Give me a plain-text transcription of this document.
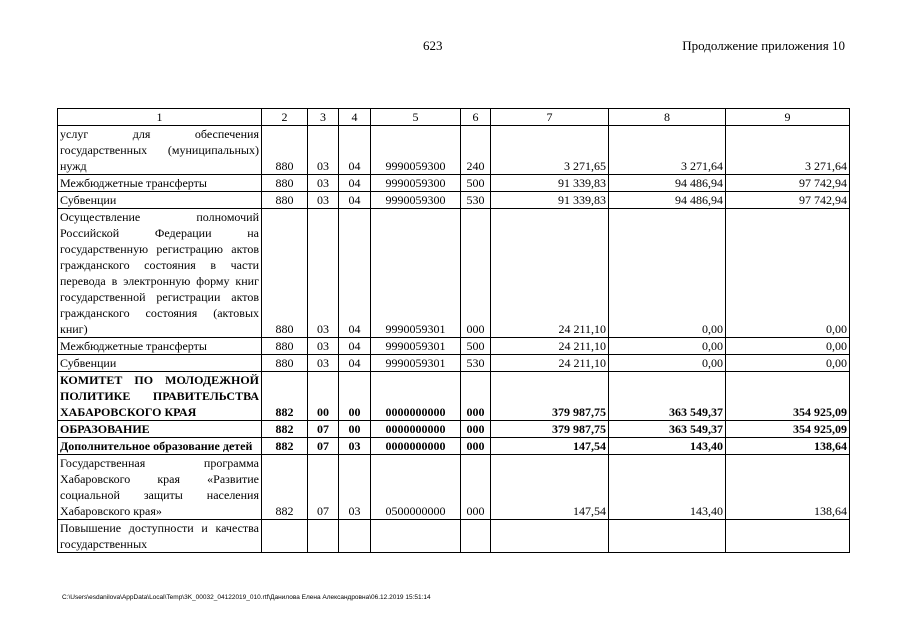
623	Продолжение приложения 10
1	2	3	4	5	6	7	8	9
услуг для обеспечения государственных (муниципальных) нужд	880	03	04	9990059300	240	3 271,65	3 271,64	3 271,64
Межбюджетные трансферты	880	03	04	9990059300	500	91 339,83	94 486,94	97 742,94
Субвенции	880	03	04	9990059300	530	91 339,83	94 486,94	97 742,94
Осуществление полномочий Российской Федерации на государственную регистрацию актов гражданского состояния в части перевода в электронную форму книг государственной регистрации актов гражданского состояния (актовых книг)	880	03	04	9990059301	000	24 211,10	0,00	0,00
Межбюджетные трансферты	880	03	04	9990059301	500	24 211,10	0,00	0,00
Субвенции	880	03	04	9990059301	530	24 211,10	0,00	0,00
КОМИТЕТ ПО МОЛОДЕЖНОЙ ПОЛИТИКЕ ПРАВИТЕЛЬСТВА ХАБАРОВСКОГО КРАЯ	882	00	00	0000000000	000	379 987,75	363 549,37	354 925,09
ОБРАЗОВАНИЕ	882	07	00	0000000000	000	379 987,75	363 549,37	354 925,09
Дополнительное образование детей	882	07	03	0000000000	000	147,54	143,40	138,64
Государственная программа Хабаровского края «Развитие социальной защиты населения Хабаровского края»	882	07	03	0500000000	000	147,54	143,40	138,64
Повышение доступности и качества государственных								
C:\Users\esdanilova\AppData\Local\Temp\3K_00032_04122019_010.rtf\Данилова Елена Александровна\06.12.2019 15:51:14
